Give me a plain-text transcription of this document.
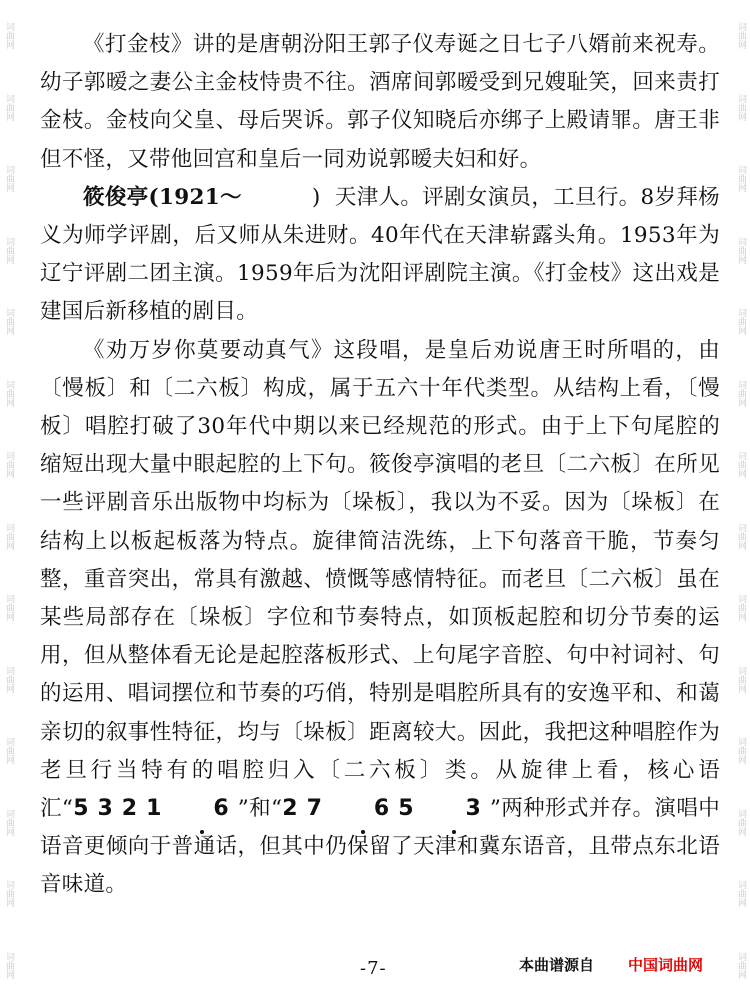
词曲网
词曲网
词曲网
词曲网
词曲网
词曲网
词曲网
词曲网
词曲网
词曲网
词曲网
词曲网
词曲网
词曲网
词曲网
词曲网
词曲网
词曲网
词曲网
词曲网
词曲网
词曲网
词曲网
词曲网
词曲网
词曲网
词曲网
词曲网

《打金枝》讲的是唐朝汾阳王郭子仪寿诞之日七子八婿前来祝寿。幼子郭暧之妻公主金枝恃贵不往。酒席间郭暧受到兄嫂耻笑，回来责打金枝。金枝向父皇、母后哭诉。郭子仪知晓后亦绑子上殿请罪。唐王非但不怪，又带他回宫和皇后一同劝说郭暧夫妇和好。

筱俊亭(1921～	) 天津人。评剧女演员，工旦行。8岁拜杨义为师学评剧，后又师从朱进财。40年代在天津崭露头角。1953年为辽宁评剧二团主演。1959年后为沈阳评剧院主演。《打金枝》这出戏是建国后新移植的剧目。

《劝万岁你莫要动真气》这段唱，是皇后劝说唐王时所唱的，由〔慢板〕和〔二六板〕构成，属于五六十年代类型。从结构上看，〔慢板〕唱腔打破了30年代中期以来已经规范的形式。由于上下句尾腔的缩短出现大量中眼起腔的上下句。筱俊亭演唱的老旦〔二六板〕在所见一些评剧音乐出版物中均标为〔垛板〕，我以为不妥。因为〔垛板〕在结构上以板起板落为特点。旋律简洁洗练，上下句落音干脆，节奏匀整，重音突出，常具有激越、愤慨等感情特征。而老旦〔二六板〕虽在某些局部存在〔垛板〕字位和节奏特点，如顶板起腔和切分节奏的运用，但从整体看无论是起腔落板形式、上句尾字音腔、句中衬词衬、句的运用、唱词摆位和节奏的巧俏，特别是唱腔所具有的安逸平和、和蔼亲切的叙事性特征，均与〔垛板〕距离较大。因此，我把这种唱腔作为老旦行当特有的唱腔归入〔二六板〕类。从旋律上看，核心语汇“5321 6”和“27 65 3”两种形式并存。演唱中语音更倾向于普通话，但其中仍保留了天津和冀东语音，且带点东北语音味道。

-7-	本曲谱源自 中国词曲网
